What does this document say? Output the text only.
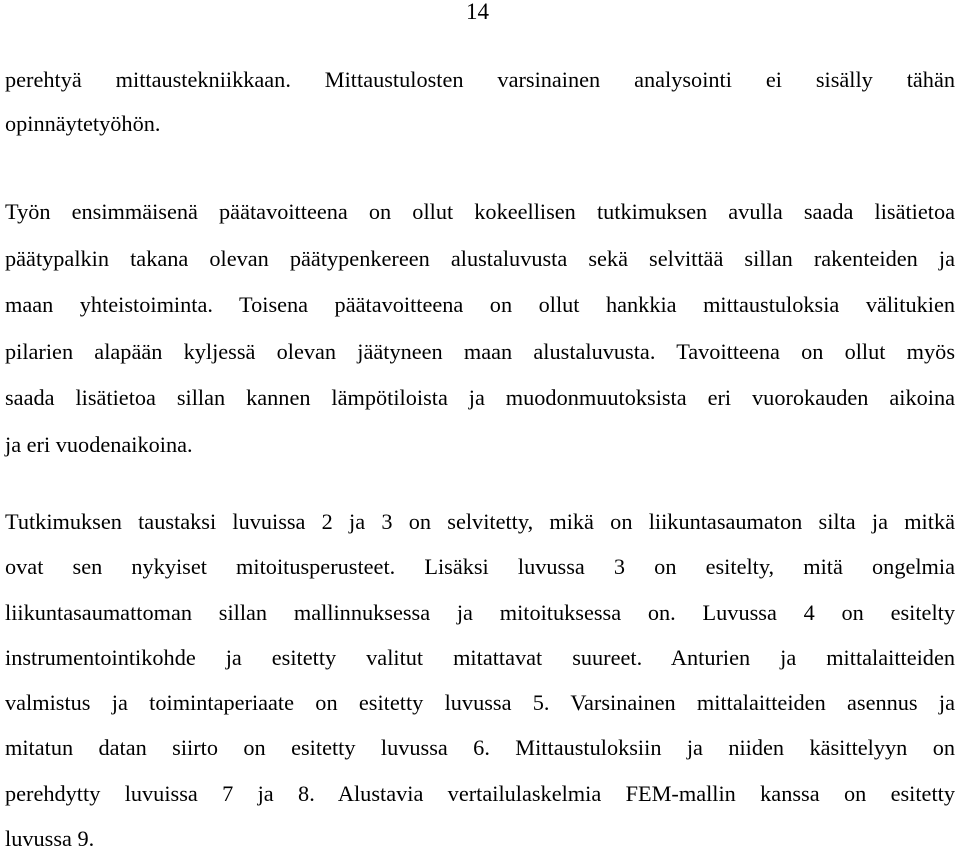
14
perehtyä mittaustekniikkaan. Mittaustulosten varsinainen analysointi ei sisälly tähän
opinnäytetyöhön.
Työn ensimmäisenä päätavoitteena on ollut kokeellisen tutkimuksen avulla saada lisätietoa
päätypalkin takana olevan päätypenkereen alustaluvusta sekä selvittää sillan rakenteiden ja
maan yhteistoiminta. Toisena päätavoitteena on ollut hankkia mittaustuloksia välitukien
pilarien alapään kyljessä olevan jäätyneen maan alustaluvusta. Tavoitteena on ollut myös
saada lisätietoa sillan kannen lämpötiloista ja muodonmuutoksista eri vuorokauden aikoina
ja eri vuodenaikoina.
Tutkimuksen taustaksi luvuissa 2 ja 3 on selvitetty, mikä on liikuntasaumaton silta ja mitkä
ovat sen nykyiset mitoitusperusteet. Lisäksi luvussa 3 on esitelty, mitä ongelmia
liikuntasaumattoman sillan mallinnuksessa ja mitoituksessa on. Luvussa 4 on esitelty
instrumentointikohde ja esitetty valitut mitattavat suureet. Anturien ja mittalaitteiden
valmistus ja toimintaperiaate on esitetty luvussa 5. Varsinainen mittalaitteiden asennus ja
mitatun datan siirto on esitetty luvussa 6. Mittaustuloksiin ja niiden käsittelyyn on
perehdytty luvuissa 7 ja 8. Alustavia vertailulaskelmia FEM-mallin kanssa on esitetty
luvussa 9.
